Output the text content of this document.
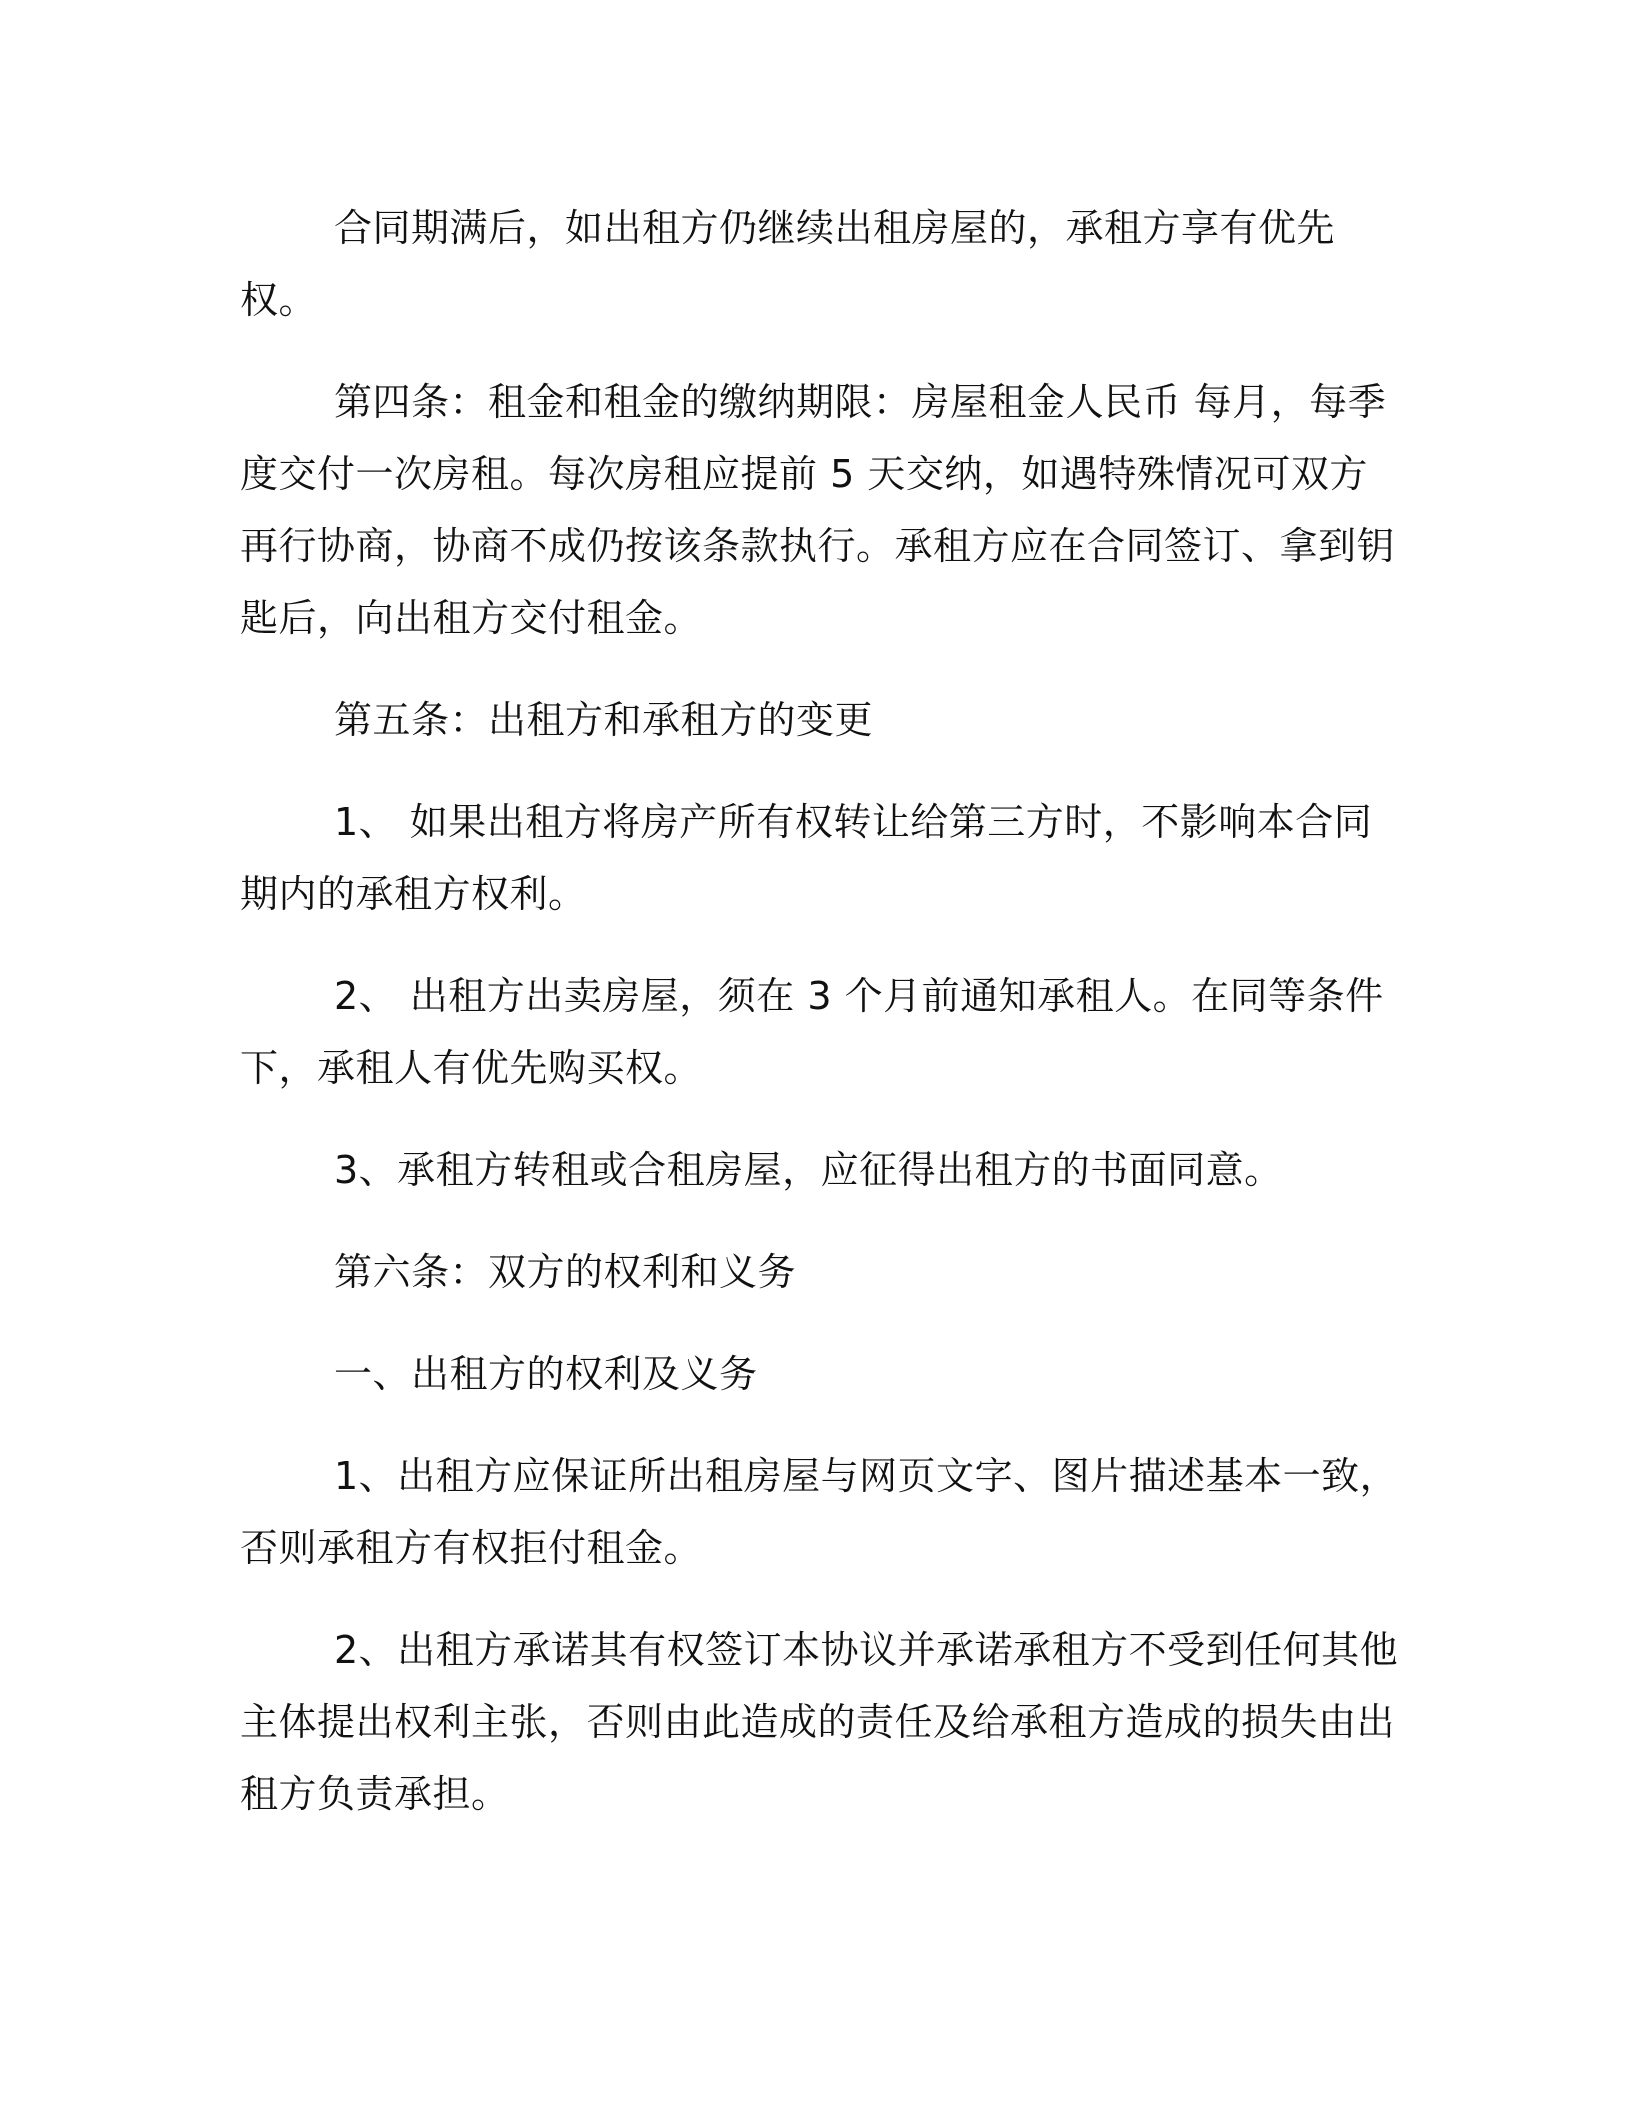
合同期满后，如出租方仍继续出租房屋的，承租方享有优先权。

第四条：租金和租金的缴纳期限：房屋租金人民币 每月，每季度交付一次房租。每次房租应提前 5 天交纳，如遇特殊情况可双方再行协商，协商不成仍按该条款执行。承租方应在合同签订、拿到钥匙后，向出租方交付租金。

第五条：出租方和承租方的变更

1、 如果出租方将房产所有权转让给第三方时，不影响本合同期内的承租方权利。

2、 出租方出卖房屋，须在 3 个月前通知承租人。在同等条件下，承租人有优先购买权。

3、承租方转租或合租房屋，应征得出租方的书面同意。

第六条：双方的权利和义务

一、出租方的权利及义务

1、出租方应保证所出租房屋与网页文字、图片描述基本一致，否则承租方有权拒付租金。

2、出租方承诺其有权签订本协议并承诺承租方不受到任何其他主体提出权利主张，否则由此造成的责任及给承租方造成的损失由出租方负责承担。
